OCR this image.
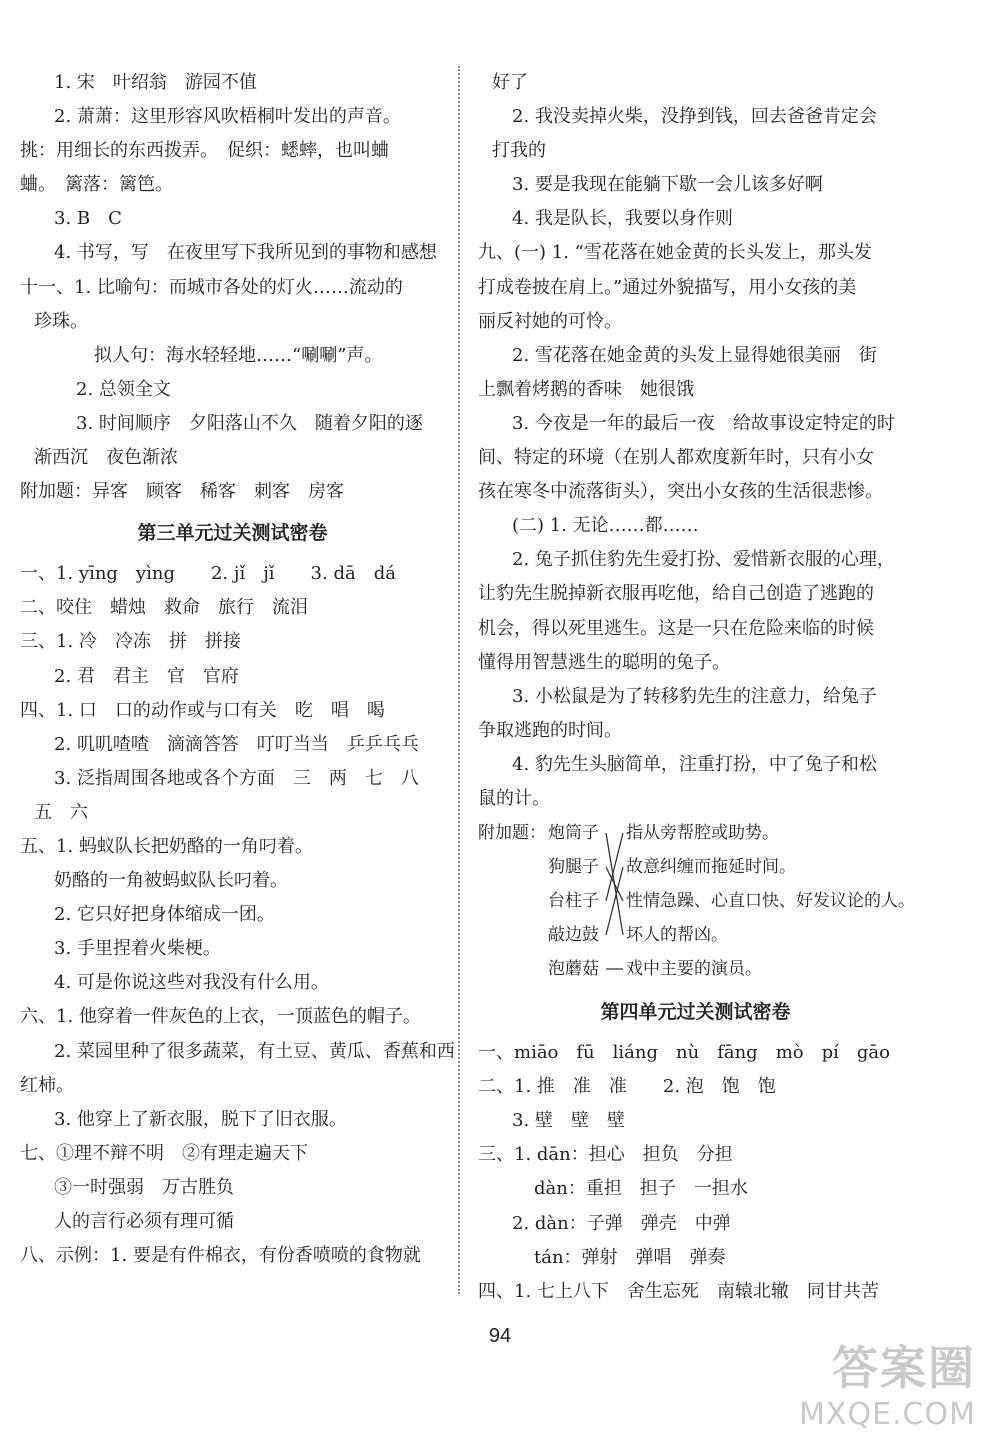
1. 宋　叶绍翁　游园不值
2. 萧萧：这里形容风吹梧桐叶发出的声音。
挑：用细长的东西拨弄。　促织：蟋蟀，也叫蛐
蛐。　篱落：篱笆。
3. B　C
4. 书写，写　在夜里写下我所见到的事物和感想
十一、1. 比喻句：而城市各处的灯火……流动的
珍珠。
拟人句：海水轻轻地……“唰唰”声。
2. 总领全文
3. 时间顺序　夕阳落山不久　随着夕阳的逐
渐西沉　夜色渐浓
附加题：异客　顾客　稀客　刺客　房客
第三单元过关测试密卷
一、1. yīng　yìng　　2. jǐ　jǐ　　3. dā　dá
二、咬住　蜡烛　救命　旅行　流泪
三、1. 冷　冷冻　拼　拼接
2. 君　君主　官　官府
四、1. 口　口的动作或与口有关　吃　唱　喝
2. 叽叽喳喳　滴滴答答　叮叮当当　乒乒乓乓
3. 泛指周围各地或各个方面　三　两　七　八
五　六
五、1. 蚂蚁队长把奶酪的一角叼着。
奶酪的一角被蚂蚁队长叼着。
2. 它只好把身体缩成一团。
3. 手里捏着火柴梗。
4. 可是你说这些对我没有什么用。
六、1. 他穿着一件灰色的上衣，一顶蓝色的帽子。
2. 菜园里种了很多蔬菜，有土豆、黄瓜、香蕉和西
红柿。
3. 他穿上了新衣服，脱下了旧衣服。
七、①理不辩不明　②有理走遍天下
③一时强弱　万古胜负
人的言行必须有理可循
八、示例：1. 要是有件棉衣，有份香喷喷的食物就
好了
2. 我没卖掉火柴，没挣到钱，回去爸爸肯定会
打我的
3. 要是我现在能躺下歇一会儿该多好啊
4. 我是队长，我要以身作则
九、(一) 1. “雪花落在她金黄的长头发上，那头发
打成卷披在肩上。”通过外貌描写，用小女孩的美
丽反衬她的可怜。
2. 雪花落在她金黄的头发上显得她很美丽　街
上飘着烤鹅的香味　她很饿
3. 今夜是一年的最后一夜　给故事设定特定的时
间、特定的环境（在别人都欢度新年时，只有小女
孩在寒冬中流落街头），突出小女孩的生活很悲惨。
(二) 1. 无论……都……
2. 兔子抓住豹先生爱打扮、爱惜新衣服的心理，
让豹先生脱掉新衣服再吃他，给自己创造了逃跑的
机会，得以死里逃生。这是一只在危险来临的时候
懂得用智慧逃生的聪明的兔子。
3. 小松鼠是为了转移豹先生的注意力，给兔子
争取逃跑的时间。
4. 豹先生头脑简单，注重打扮，中了兔子和松
鼠的计。
附加题： 炮筒子
狗腿子
台柱子
敲边鼓
泡蘑菇
指从旁帮腔或助势。
故意纠缠而拖延时间。
性情急躁、心直口快、好发议论的人。
坏人的帮凶。
戏中主要的演员。
第四单元过关测试密卷
一、miāo　fū　liáng　nù　fāng　mò　pí　gāo
二、1. 推　准　准　　2. 泡　饱　饱
3. 壁　壁　壁
三、1. dān：担心　担负　分担
dàn：重担　担子　一担水
2. dàn：子弹　弹壳　中弹
tán：弹射　弹唱　弹奏
四、1. 七上八下　舍生忘死　南辕北辙　同甘共苦
94
答案圈
MXQE.COM
